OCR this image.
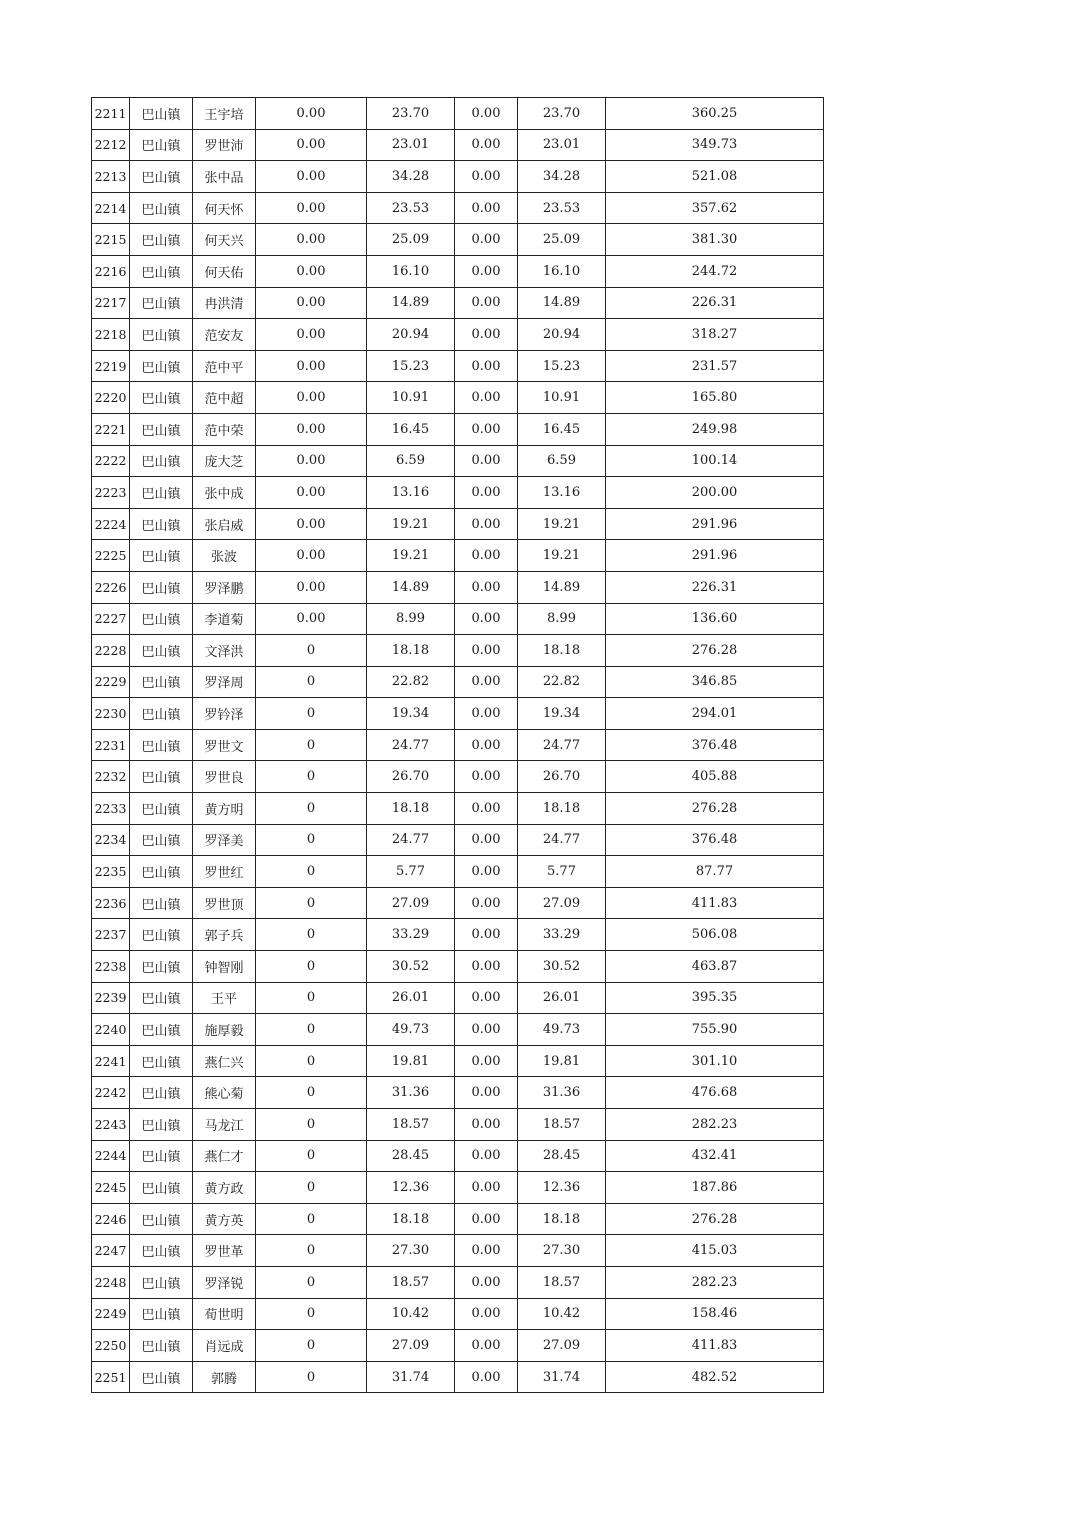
2211	巴山镇	王宇培	0.00	23.70	0.00	23.70	360.25
2212	巴山镇	罗世沛	0.00	23.01	0.00	23.01	349.73
2213	巴山镇	张中品	0.00	34.28	0.00	34.28	521.08
2214	巴山镇	何天怀	0.00	23.53	0.00	23.53	357.62
2215	巴山镇	何天兴	0.00	25.09	0.00	25.09	381.30
2216	巴山镇	何天佑	0.00	16.10	0.00	16.10	244.72
2217	巴山镇	冉洪清	0.00	14.89	0.00	14.89	226.31
2218	巴山镇	范安友	0.00	20.94	0.00	20.94	318.27
2219	巴山镇	范中平	0.00	15.23	0.00	15.23	231.57
2220	巴山镇	范中超	0.00	10.91	0.00	10.91	165.80
2221	巴山镇	范中荣	0.00	16.45	0.00	16.45	249.98
2222	巴山镇	庞大芝	0.00	6.59	0.00	6.59	100.14
2223	巴山镇	张中成	0.00	13.16	0.00	13.16	200.00
2224	巴山镇	张启威	0.00	19.21	0.00	19.21	291.96
2225	巴山镇	张波	0.00	19.21	0.00	19.21	291.96
2226	巴山镇	罗泽鹏	0.00	14.89	0.00	14.89	226.31
2227	巴山镇	李道菊	0.00	8.99	0.00	8.99	136.60
2228	巴山镇	文泽洪	0	18.18	0.00	18.18	276.28
2229	巴山镇	罗泽周	0	22.82	0.00	22.82	346.85
2230	巴山镇	罗钤泽	0	19.34	0.00	19.34	294.01
2231	巴山镇	罗世文	0	24.77	0.00	24.77	376.48
2232	巴山镇	罗世良	0	26.70	0.00	26.70	405.88
2233	巴山镇	黄方明	0	18.18	0.00	18.18	276.28
2234	巴山镇	罗泽美	0	24.77	0.00	24.77	376.48
2235	巴山镇	罗世红	0	5.77	0.00	5.77	87.77
2236	巴山镇	罗世顶	0	27.09	0.00	27.09	411.83
2237	巴山镇	郭子兵	0	33.29	0.00	33.29	506.08
2238	巴山镇	钟智刚	0	30.52	0.00	30.52	463.87
2239	巴山镇	王平	0	26.01	0.00	26.01	395.35
2240	巴山镇	施厚毅	0	49.73	0.00	49.73	755.90
2241	巴山镇	燕仁兴	0	19.81	0.00	19.81	301.10
2242	巴山镇	熊心菊	0	31.36	0.00	31.36	476.68
2243	巴山镇	马龙江	0	18.57	0.00	18.57	282.23
2244	巴山镇	燕仁才	0	28.45	0.00	28.45	432.41
2245	巴山镇	黄方政	0	12.36	0.00	12.36	187.86
2246	巴山镇	黄方英	0	18.18	0.00	18.18	276.28
2247	巴山镇	罗世革	0	27.30	0.00	27.30	415.03
2248	巴山镇	罗泽锐	0	18.57	0.00	18.57	282.23
2249	巴山镇	荀世明	0	10.42	0.00	10.42	158.46
2250	巴山镇	肖远成	0	27.09	0.00	27.09	411.83
2251	巴山镇	郭腾	0	31.74	0.00	31.74	482.52
